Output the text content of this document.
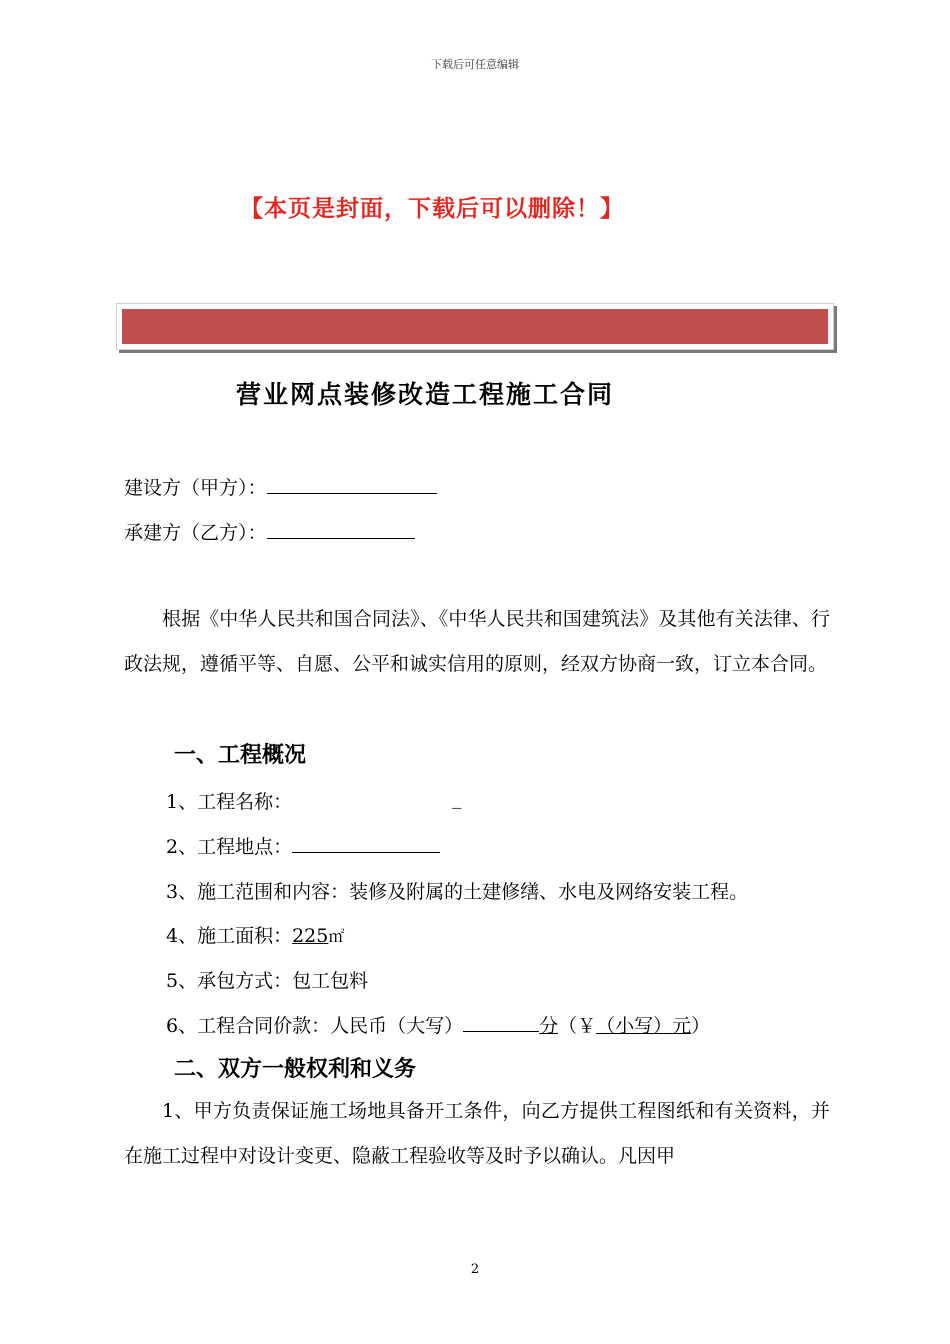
下载后可任意编辑
【本页是封面，下载后可以删除！】
营业网点装修改造工程施工合同
建设方（甲方）：
承建方（乙方）：
根据《中华人民共和国合同法》、《中华人民共和国建筑法》及其他有关法律、行政法规，遵循平等、自愿、公平和诚实信用的原则，经双方协商一致，订立本合同。
一、工程概况
1、工程名称：	_
2、工程地点：
3、施工范围和内容：装修及附属的土建修缮、水电及网络安装工程。
4、施工面积：225㎡
5、承包方式：包工包料
6、工程合同价款：人民币（大写）	分（￥（小写）元）
二、双方一般权利和义务
1、甲方负责保证施工场地具备开工条件，向乙方提供工程图纸和有关资料，并在施工过程中对设计变更、隐蔽工程验收等及时予以确认。凡因甲
2
